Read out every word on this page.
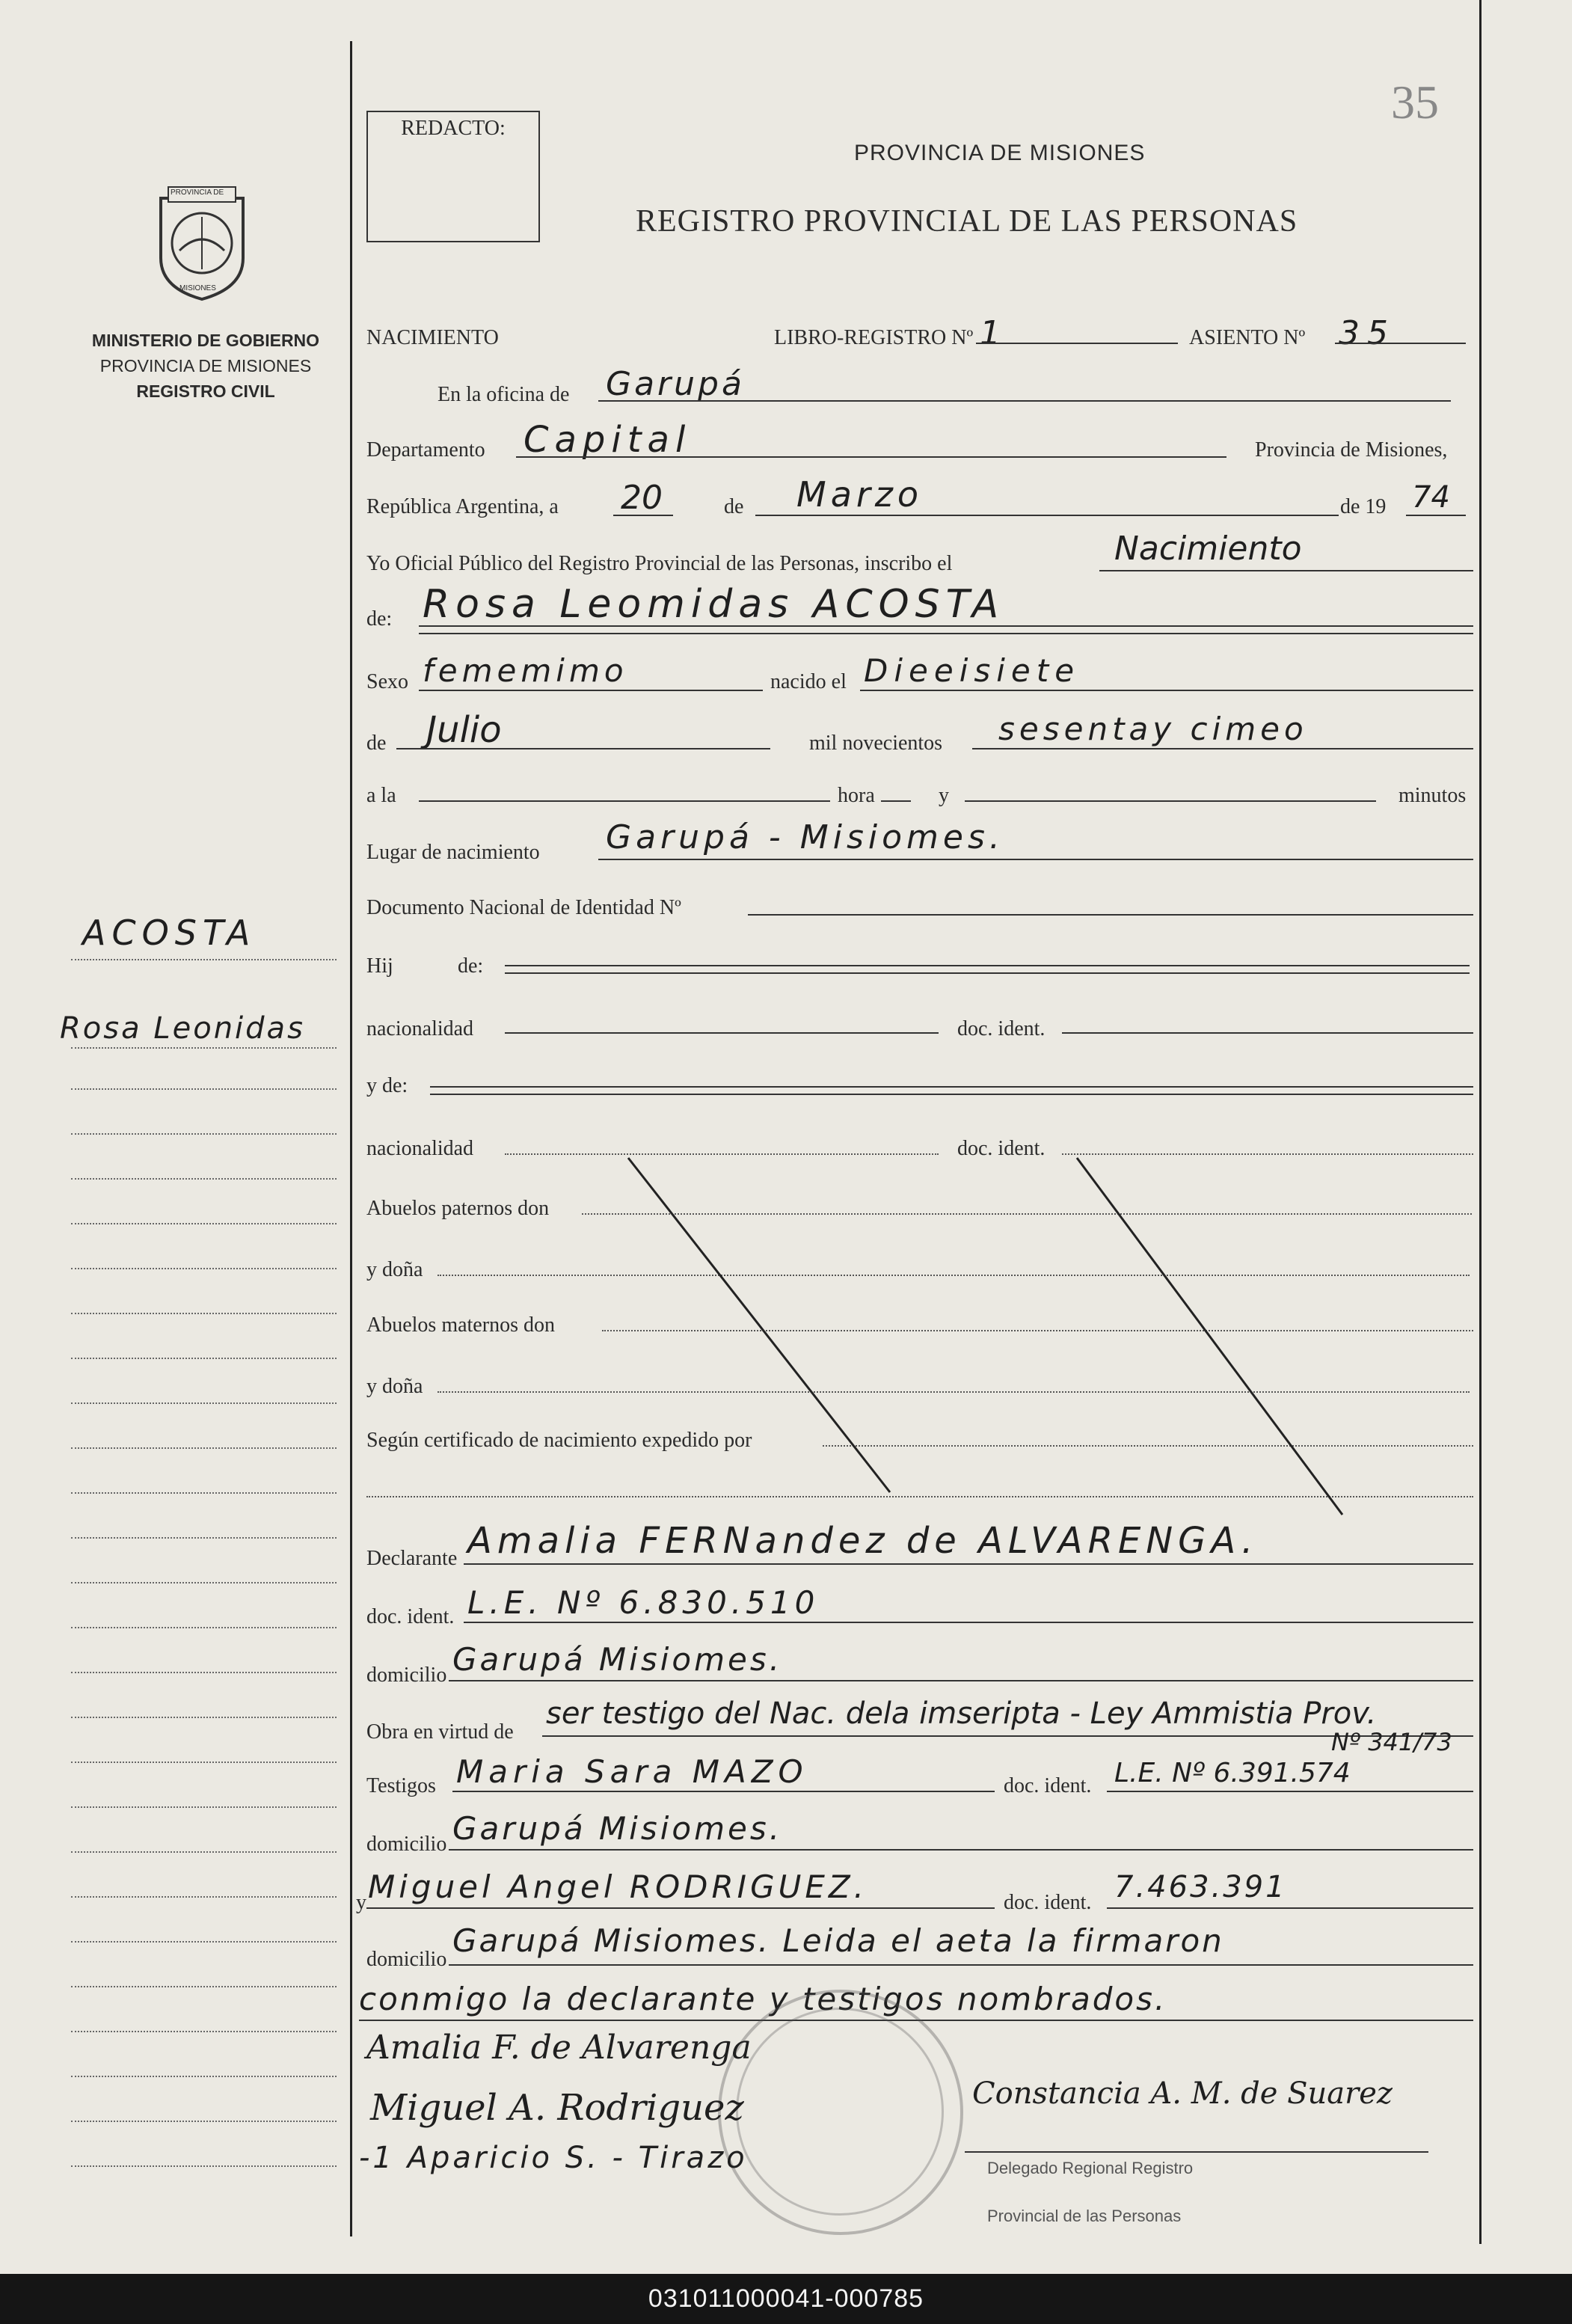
35
REDACTO:
PROVINCIA DE MISIONES
REGISTRO PROVINCIAL DE LAS PERSONAS
MINISTERIO DE GOBIERNO
PROVINCIA DE MISIONES
REGISTRO CIVIL
PROVINCIA DE
MISIONES
ACOSTA
Rosa Leonidas
NACIMIENTO	LIBRO-REGISTRO Nº 1	ASIENTO Nº 35
En la oficina de Garupá
Departamento Capital	Provincia de Misiones,
República Argentina, a 20	de Marzo	de 19 74
Yo Oficial Público del Registro Provincial de las Personas, inscribo el	Nacimiento
de: Rosa Leomidas ACOSTA
Sexo fememimo	nacido el Dieeisiete
de Julio	mil novecientos sesentay cimeo
a la	hora	y	minutos
Lugar de nacimiento Garupá - Misiomes.
Documento Nacional de Identidad Nº
Hij	de:
nacionalidad	doc. ident.
y de:
nacionalidad	doc. ident.
Abuelos paternos don
y doña
Abuelos maternos don
y doña
Según certificado de nacimiento expedido por
Declarante Amalia FERNandez de ALVARENGA.
doc. ident. L.E. Nº 6.830.510
domicilio Garupá Misiomes.
Obra en virtud de
ser testigo del Nac. dela imseripta - Ley Ammistia Prov.
Nº 341/73
Testigos Maria Sara MAZO	doc. ident. L.E. Nº 6.391.574
domicilio Garupá Misiomes.
y Miguel Angel RODRIGUEZ.	doc. ident. 7.463.391
domicilio
Garupá Misiomes. Leida el aeta la firmaron
conmigo la declarante y testigos nombrados.
Delegado Regional Registro
Provincial de las Personas
Amalia F. de Alvarenga
Miguel A. Rodriguez	Constancia A. M. de Suarez
-1 Aparicio S. - Tirazo
031011000041-000785
